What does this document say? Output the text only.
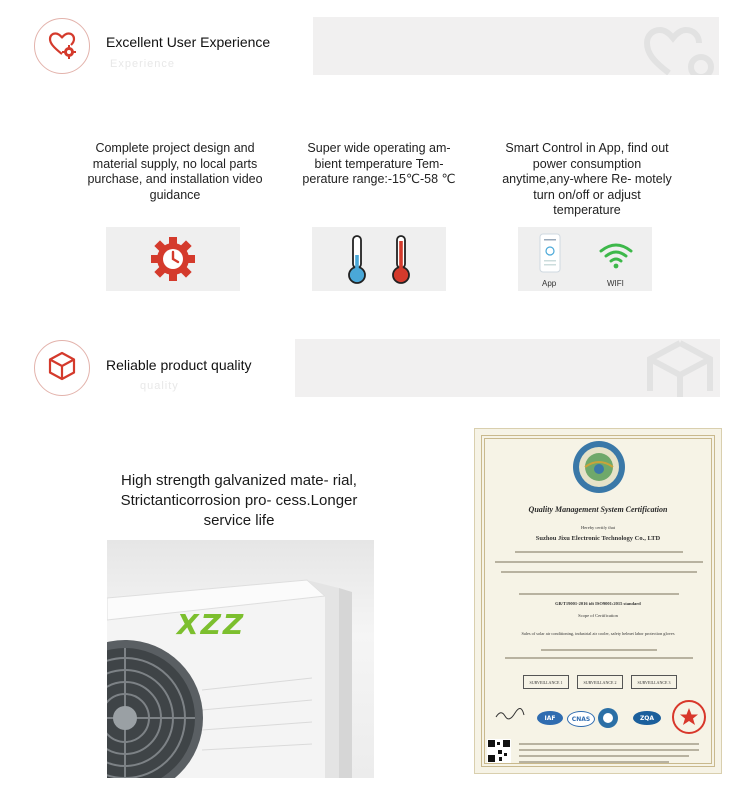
Excellent User Experience
Experience
Complete project design and material supply, no local parts purchase, and installation video guidance
Super wide operating am- bient temperature Tem- perature range:-15℃-58 ℃
Smart Control in App, find out power consumption anytime,any-where Re- motely turn on/off or adjust temperature
App	WIFI
Reliable product quality
quality
High strength galvanized mate- rial, Strictanticorrosion pro- cess.Longer service life
XZZ
Quality Management System Certification
Hereby certify that
Suzhou Jixu Electronic Technology Co., LTD
GB/T19001-2016 idt ISO9001:2015 standard
Scope of Certification
Sales of solar air conditioning, industrial air cooler, safety helmet labor protection gloves
SURVEILLANCE 1	SURVEILLANCE 2	SURVEILLANCE 3
IAF	CNAS	ZQA
